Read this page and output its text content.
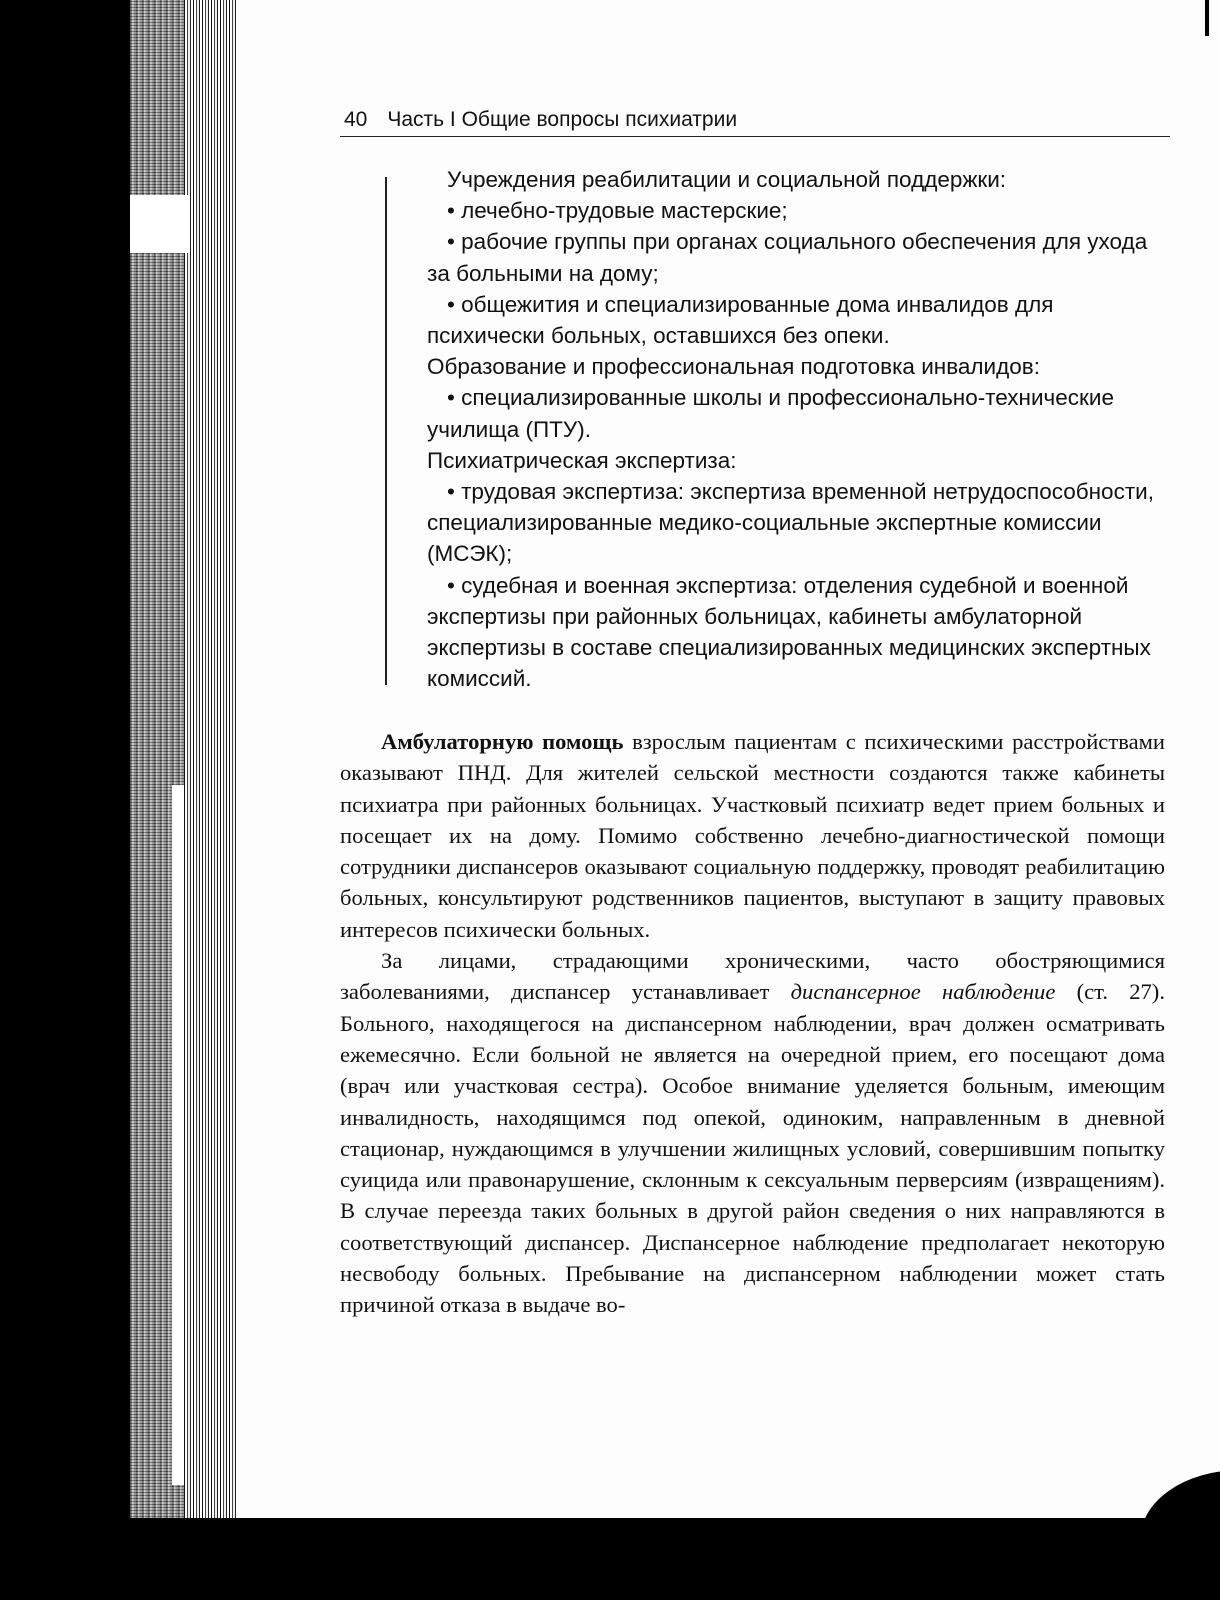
40 Часть I Общие вопросы психиатрии

Учреждения реабилитации и социальной поддержки:

• лечебно-трудовые мастерские;

• рабочие группы при органах социального обеспечения для ухода за больными на дому;

• общежития и специализированные дома инвалидов для психически больных, оставшихся без опеки.

Образование и профессиональная подготовка инвалидов:

• специализированные школы и профессионально-технические училища (ПТУ).

Психиатрическая экспертиза:

• трудовая экспертиза: экспертиза временной нетрудоспособности, специализированные медико-социальные экспертные комиссии (МСЭК);

• судебная и военная экспертиза: отделения судебной и военной экспертизы при районных больницах, кабинеты амбулаторной экспертизы в составе специализированных медицинских экспертных комиссий.

Амбулаторную помощь взрослым пациентам с психическими расстройствами оказывают ПНД. Для жителей сельской местности создаются также кабинеты психиатра при районных больницах. Участковый психиатр ведет прием больных и посещает их на дому. Помимо собственно лечебно-диагностической помощи сотрудники диспансеров оказывают социальную поддержку, проводят реабилитацию больных, консультируют родственников пациентов, выступают в защиту правовых интересов психически больных.

За лицами, страдающими хроническими, часто обостряющимися заболеваниями, диспансер устанавливает диспансерное наблюдение (ст. 27). Больного, находящегося на диспансерном наблюдении, врач должен осматривать ежемесячно. Если больной не является на очередной прием, его посещают дома (врач или участковая сестра). Особое внимание уделяется больным, имеющим инвалидность, находящимся под опекой, одиноким, направленным в дневной стационар, нуждающимся в улучшении жилищных условий, совершившим попытку суицида или правонарушение, склонным к сексуальным перверсиям (извращениям). В случае переезда таких больных в другой район сведения о них направляются в соответствующий диспансер. Диспансерное наблюдение предполагает некоторую несвободу больных. Пребывание на диспансерном наблюдении может стать причиной отказа в выдаче во-
